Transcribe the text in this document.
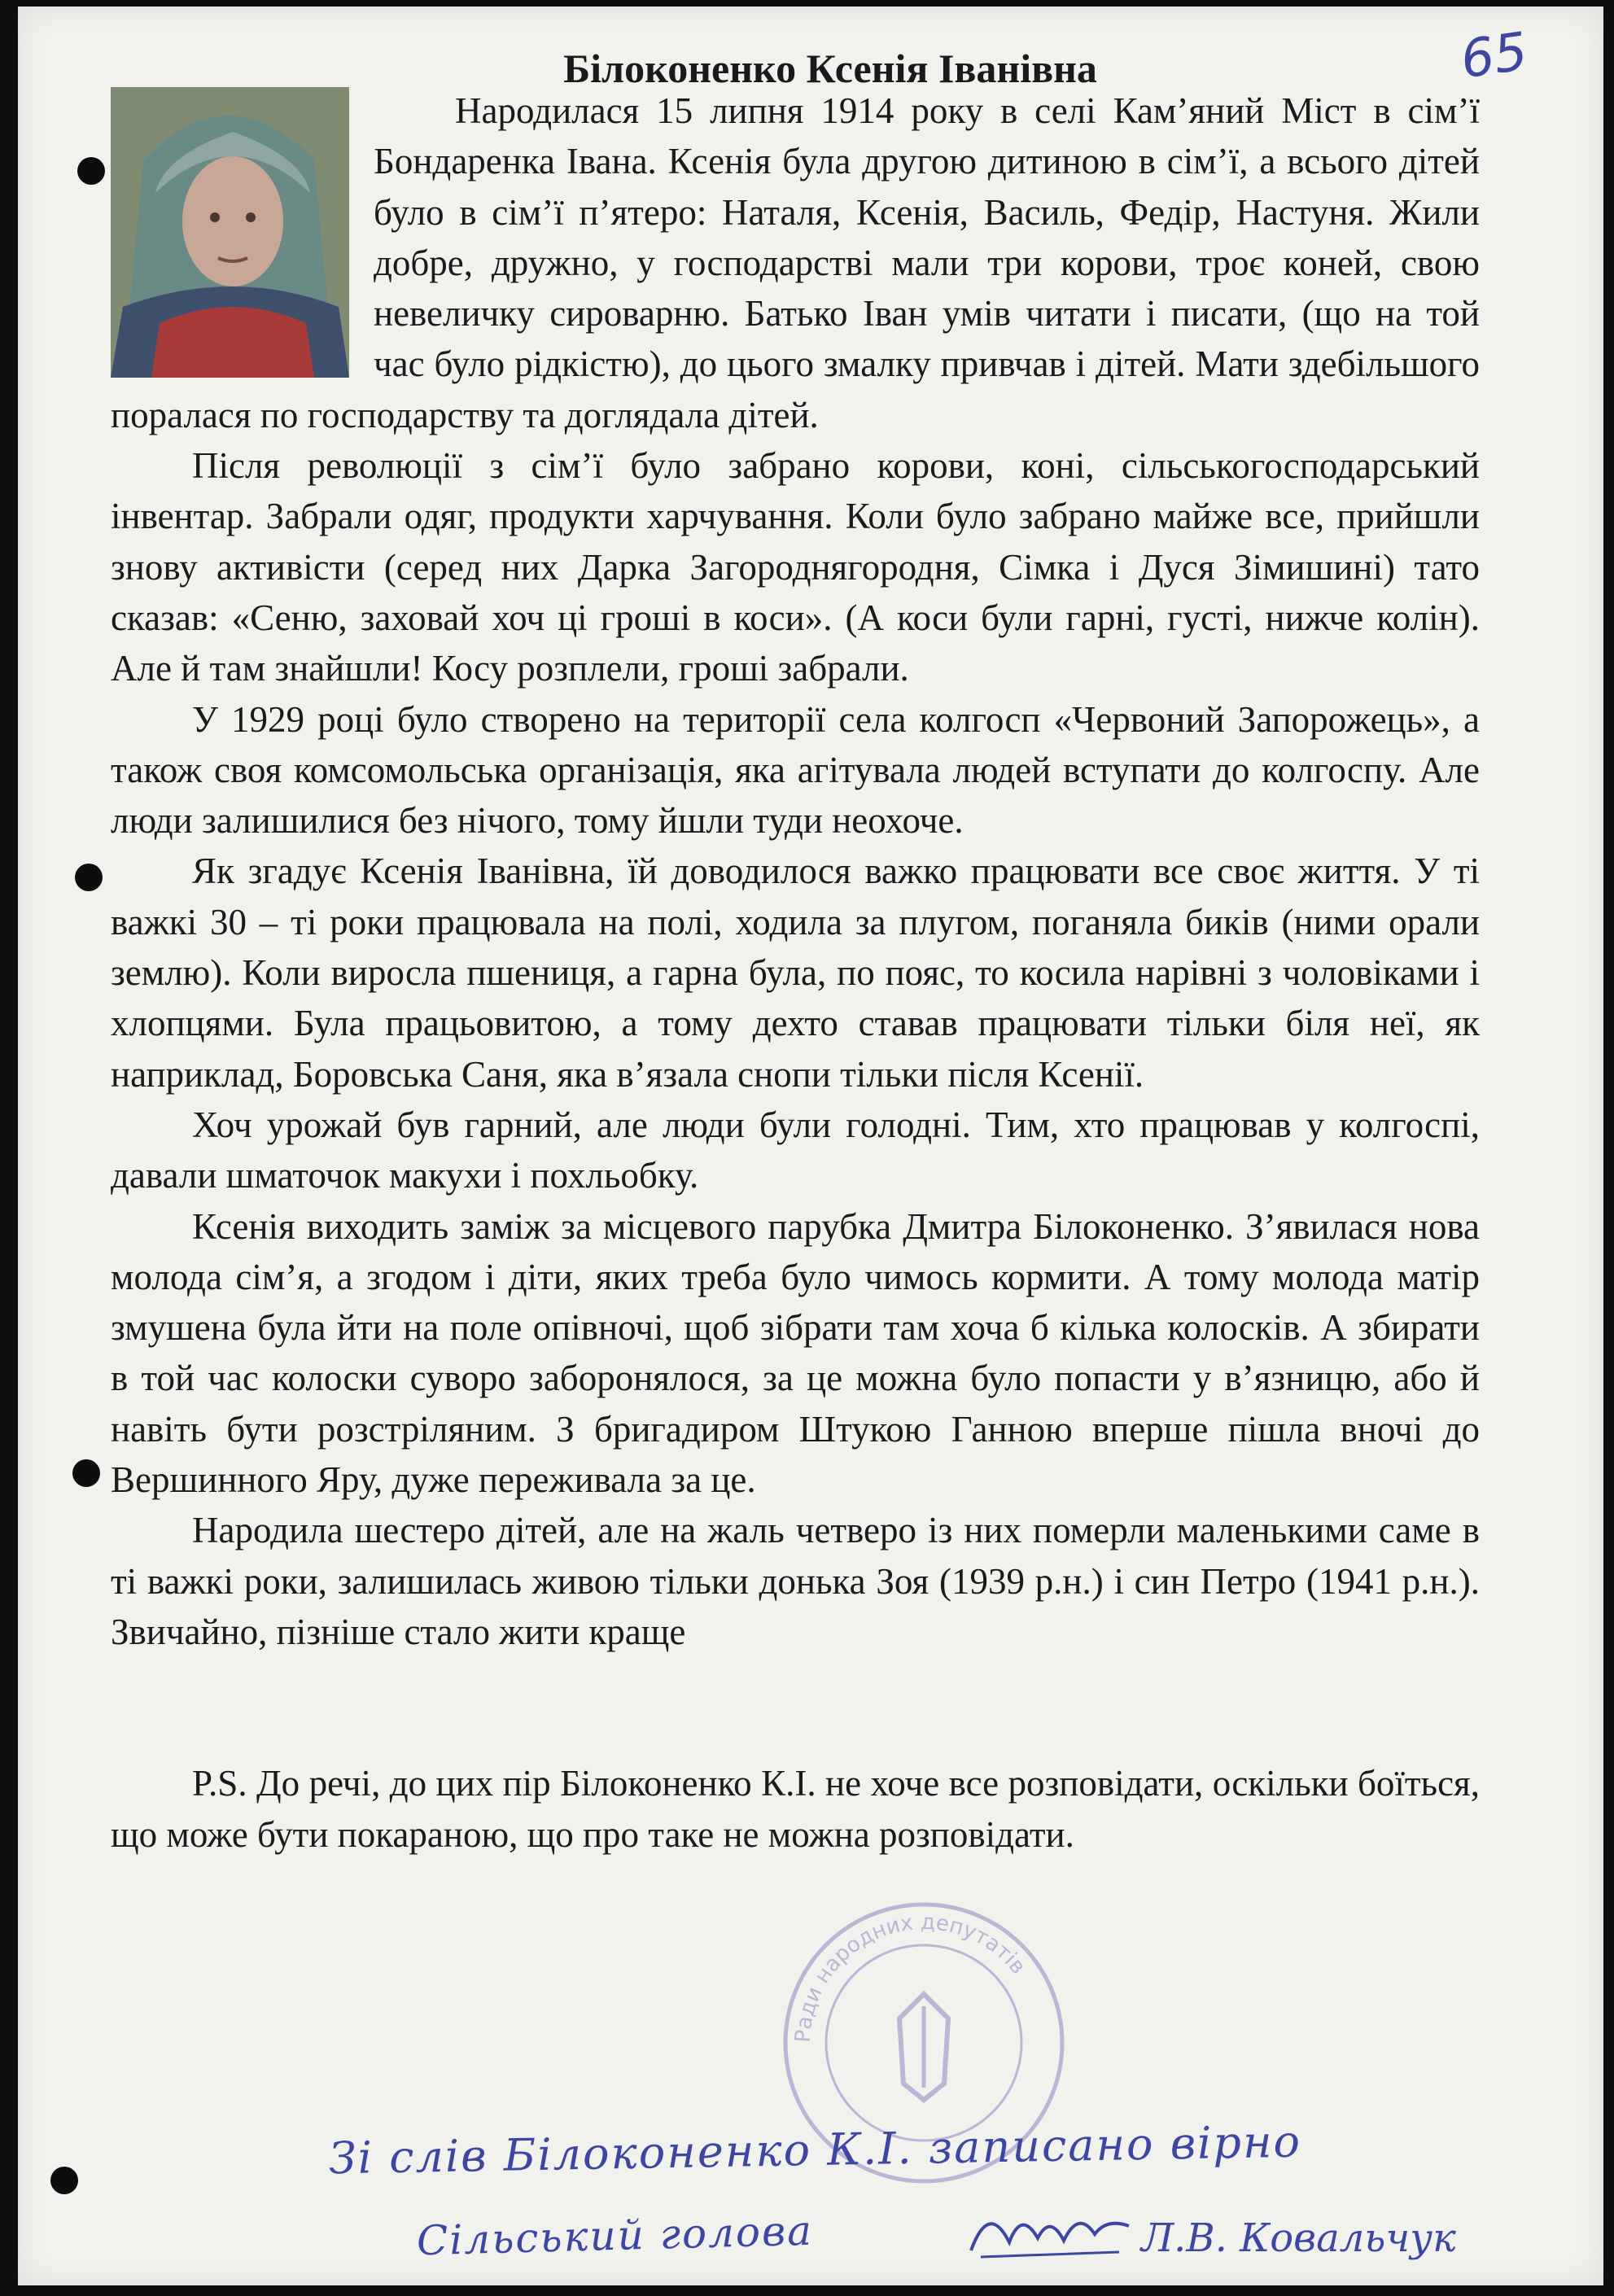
65
Білоконенко Ксенія Іванівна

Народилася 15 липня 1914 року в селі Кам’яний Міст в сім’ї Бондаренка Івана. Ксенія була другою дитиною в сім’ї, а всього дітей було в сім’ї п’ятеро: Наталя, Ксенія, Василь, Федір, Настуня. Жили добре, дружно, у господарстві мали три корови, троє коней, свою невеличку сироварню. Батько Іван умів читати і писати, (що на той час було рідкістю), до цього змалку привчав і дітей. Мати здебільшого поралася по господарству та доглядала дітей.

Після революції з сім’ї було забрано корови, коні, сільськогосподарський інвентар. Забрали одяг, продукти харчування. Коли було забрано майже все, прийшли знову активісти (серед них Дарка Загороднягородня, Сімка і Дуся Зімишині) тато сказав: «Сеню, заховай хоч ці гроші в коси». (А коси були гарні, густі, нижче колін). Але й там знайшли! Косу розплели, гроші забрали.

У 1929 році було створено на території села колгосп «Червоний Запорожець», а також своя комсомольська організація, яка агітувала людей вступати до колгоспу. Але люди залишилися без нічого, тому йшли туди неохоче.

Як згадує Ксенія Іванівна, їй доводилося важко працювати все своє життя. У ті важкі 30 – ті роки працювала на полі, ходила за плугом, поганяла биків (ними орали землю). Коли виросла пшениця, а гарна була, по пояс, то косила нарівні з чоловіками і хлопцями. Була працьовитою, а тому дехто ставав працювати тільки біля неї, як наприклад, Боровська Саня, яка в’язала снопи тільки після Ксенії.

Хоч урожай був гарний, але люди були голодні. Тим, хто працював у колгоспі, давали шматочок макухи і похльобку.

Ксенія виходить заміж за місцевого парубка Дмитра Білоконенко. З’явилася нова молода сім’я, а згодом і діти, яких треба було чимось кормити. А тому молода матір змушена була йти на поле опівночі, щоб зібрати там хоча б кілька колосків. А збирати в той час колоски суворо заборонялося, за це можна було попасти у в’язницю, або й навіть бути розстріляним. З бригадиром Штукою Ганною вперше пішла вночі до Вершинного Яру, дуже переживала за це.

Народила шестеро дітей, але на жаль четверо із них померли маленькими саме в ті важкі роки, залишилась живою тільки донька Зоя (1939 р.н.) і син Петро (1941 р.н.). Звичайно, пізніше стало жити краще

P.S. До речі, до цих пір Білоконенко К.І. не хоче все розповідати, оскільки боїться, що може бути покараною, що про таке не можна розповідати.

Ради народних депутатів
Зі слів Білоконенко К.І. записано вірно
Сільський голова	Л.В. Ковальчук
